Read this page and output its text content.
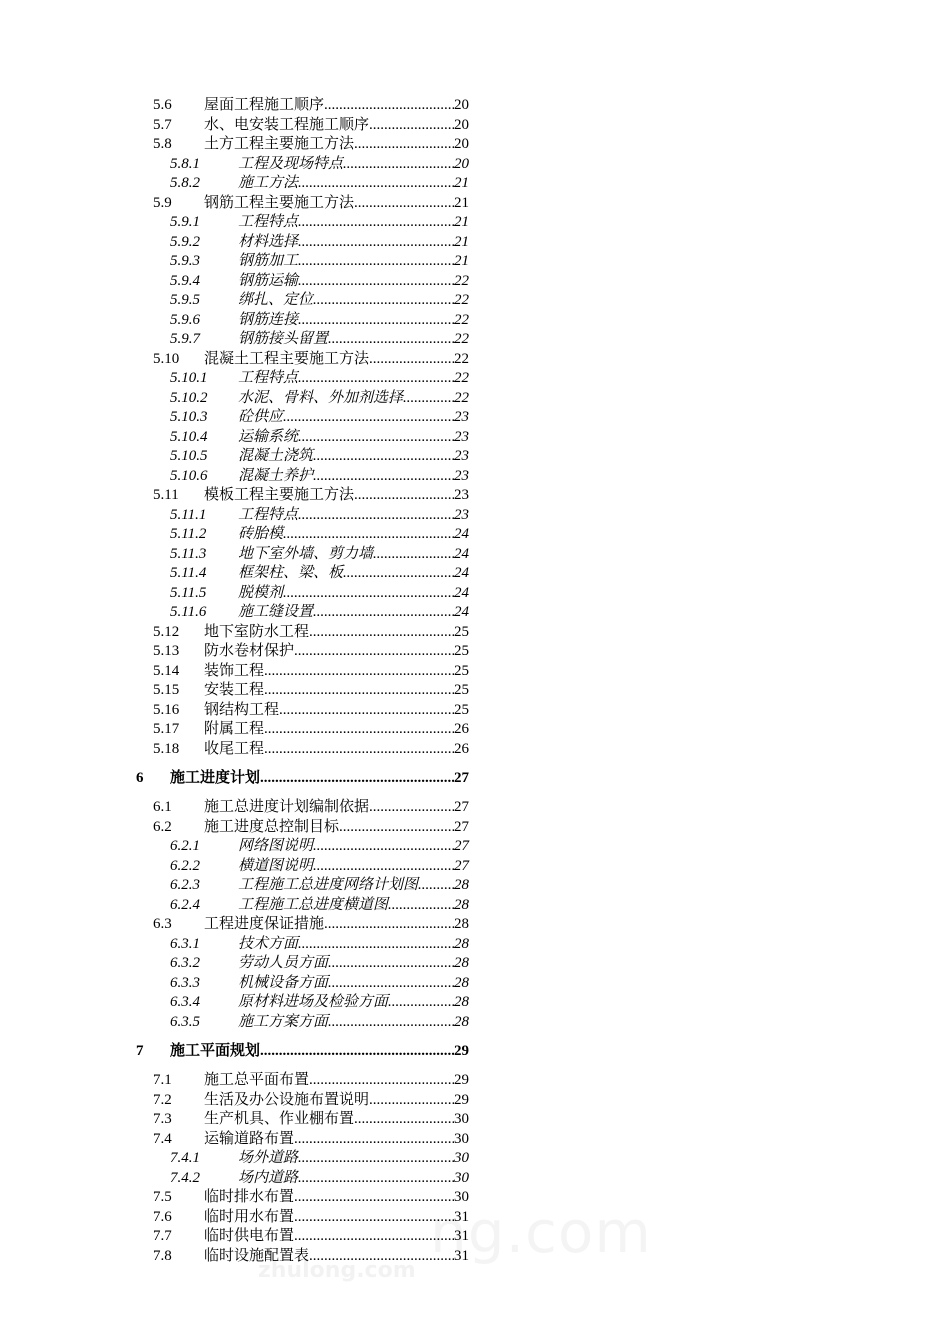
5.6	屋面工程施工顺序 .....	20
5.7	水、电安装工程施工顺序 .....	20
5.8	土方工程主要施工方法 .....	20
5.8.1	工程及现场特点 .....	20
5.8.2	施工方法 .....	21
5.9	钢筋工程主要施工方法 .....	21
5.9.1	工程特点 .....	21
5.9.2	材料选择 .....	21
5.9.3	钢筋加工 .....	21
5.9.4	钢筋运输 .....	22
5.9.5	绑扎、定位 .....	22
5.9.6	钢筋连接 .....	22
5.9.7	钢筋接头留置 .....	22
5.10	混凝土工程主要施工方法 .....	22
5.10.1	工程特点 .....	22
5.10.2	水泥、骨料、外加剂选择 .....	22
5.10.3	砼供应 .....	23
5.10.4	运输系统 .....	23
5.10.5	混凝土浇筑 .....	23
5.10.6	混凝土养护 .....	23
5.11	模板工程主要施工方法 .....	23
5.11.1	工程特点 .....	23
5.11.2	砖胎模 .....	24
5.11.3	地下室外墙、剪力墙 .....	24
5.11.4	框架柱、梁、板 .....	24
5.11.5	脱模剂 .....	24
5.11.6	施工缝设置 .....	24
5.12	地下室防水工程 .....	25
5.13	防水卷材保护 .....	25
5.14	装饰工程 .....	25
5.15	安装工程 .....	25
5.16	钢结构工程 .....	25
5.17	附属工程 .....	26
5.18	收尾工程 .....	26
6	施工进度计划 .....	27
6.1	施工总进度计划编制依据 .....	27
6.2	施工进度总控制目标 .....	27
6.2.1	网络图说明 .....	27
6.2.2	横道图说明 .....	27
6.2.3	工程施工总进度网络计划图 ..... 28
6.2.4	工程施工总进度横道图 .....	28
6.3	工程进度保证措施 .....	28
6.3.1	技术方面 .....	28
6.3.2	劳动人员方面 .....	28
6.3.3	机械设备方面 .....	28
6.3.4	原材料进场及检验方面 .....	28
6.3.5	施工方案方面 .....	28
7	施工平面规划 .....	29
7.1	施工总平面布置 .....	29
7.2	生活及办公设施布置说明 .....	29
7.3	生产机具、作业棚布置 .....	30
7.4	运输道路布置 .....	30
7.4.1	场外道路 .....	30
7.4.2	场内道路 .....	30
7.5	临时排水布置 .....	30
7.6	临时用水布置 .....	31
7.7	临时供电布置 .....	31
7.8	临时设施配置表 .....	31
zhulong.com
